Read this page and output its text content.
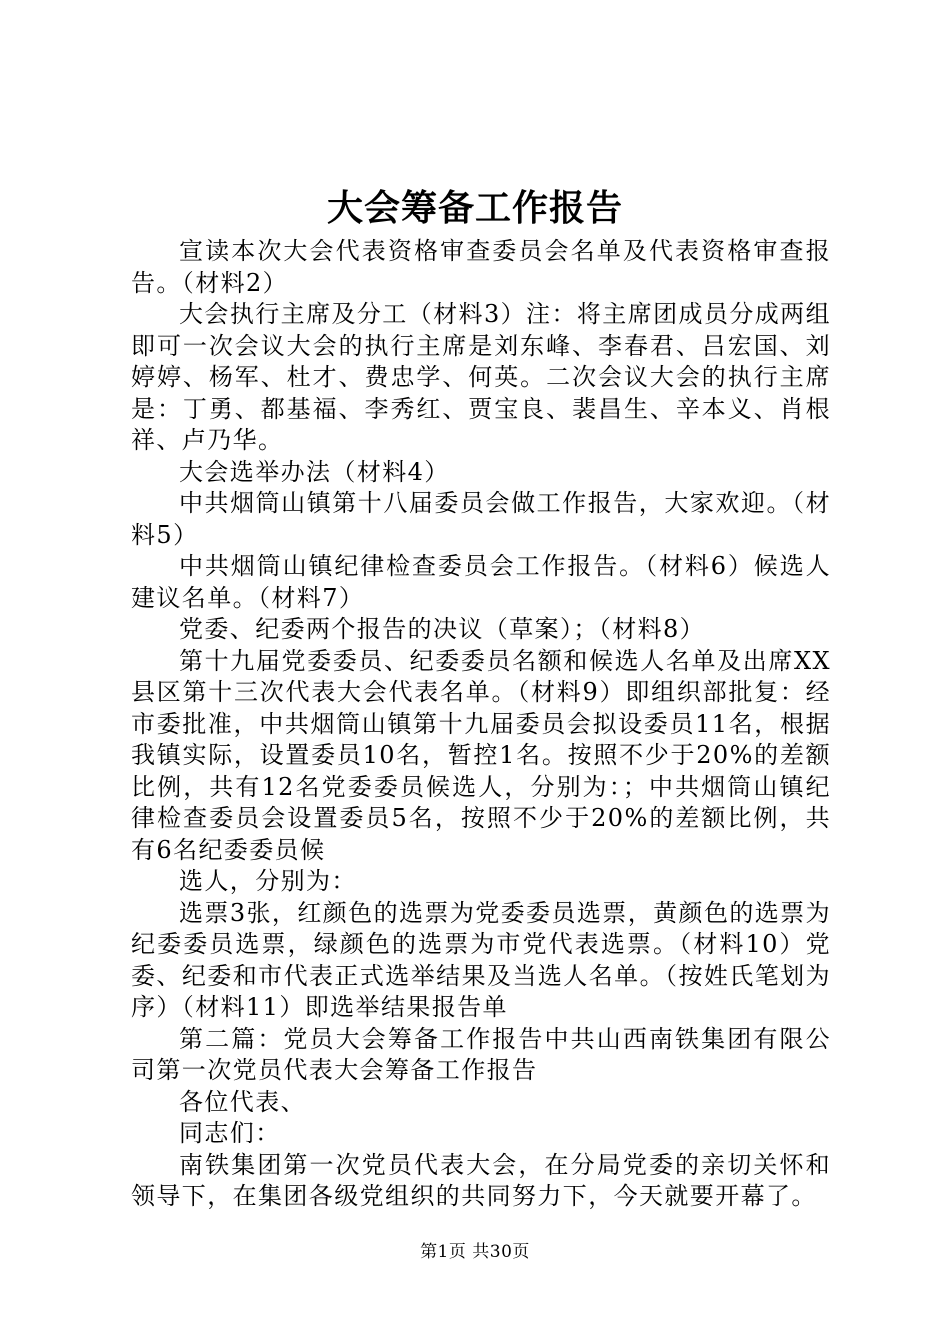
大会筹备工作报告

宣读本次大会代表资格审查委员会名单及代表资格审查报告。（材料2）

大会执行主席及分工（材料3）注：将主席团成员分成两组即可一次会议大会的执行主席是刘东峰、李春君、吕宏国、刘婷婷、杨军、杜才、费忠学、何英。二次会议大会的执行主席是：丁勇、都基福、李秀红、贾宝良、裴昌生、辛本义、肖根祥、卢乃华。

大会选举办法（材料4）

中共烟筒山镇第十八届委员会做工作报告，大家欢迎。（材料5）

中共烟筒山镇纪律检查委员会工作报告。（材料6）候选人建议名单。（材料7）

党委、纪委两个报告的决议（草案）；（材料8）

第十九届党委委员、纪委委员名额和候选人名单及出席XX县区第十三次代表大会代表名单。（材料9）即组织部批复：经市委批准，中共烟筒山镇第十九届委员会拟设委员11名，根据我镇实际，设置委员10名，暂控1名。按照不少于20%的差额比例，共有12名党委委员候选人，分别为：；中共烟筒山镇纪律检查委员会设置委员5名，按照不少于20%的差额比例，共有6名纪委委员候

选人，分别为：

选票3张，红颜色的选票为党委委员选票，黄颜色的选票为纪委委员选票，绿颜色的选票为市党代表选票。（材料10）党委、纪委和市代表正式选举结果及当选人名单。（按姓氏笔划为序）（材料11）即选举结果报告单

第二篇：党员大会筹备工作报告中共山西南铁集团有限公司第一次党员代表大会筹备工作报告

各位代表、

同志们：

南铁集团第一次党员代表大会，在分局党委的亲切关怀和领导下，在集团各级党组织的共同努力下，今天就要开幕了。

第1页 共30页
